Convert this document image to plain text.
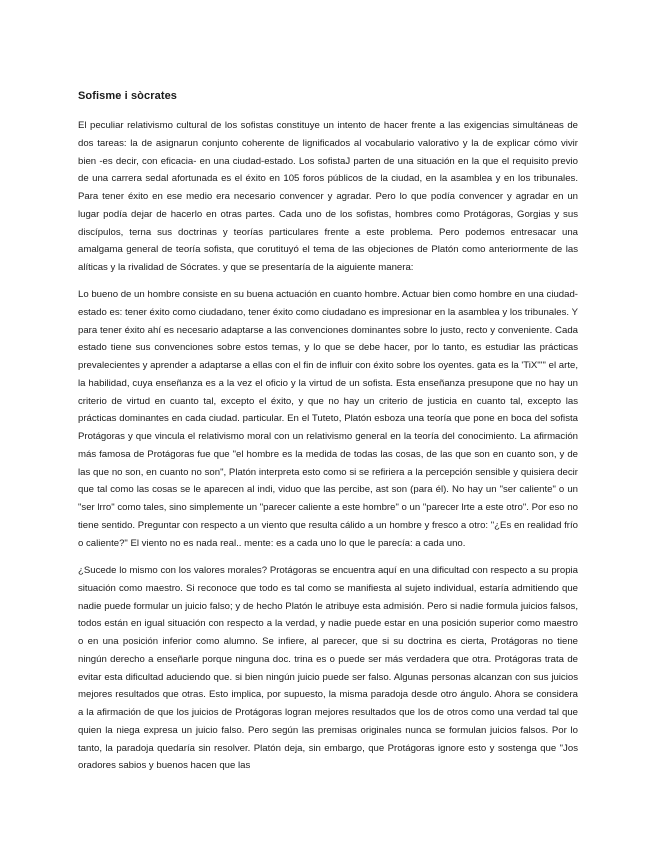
Sofisme i sòcrates

El peculiar relativismo cultural de los sofistas constituye un intento de hacer frente a las exigencias simultáneas de dos tareas: la de asignarun conjunto coherente de lignificados al vocabulario valorativo y la de explicar cómo vivir bien -es decir, con eficacia- en una ciudad-estado. Los sofistaJ parten de una situación en la que el requisito previo de una carrera sedal afortunada es el éxito en 105 foros públicos de la ciudad, en la asamblea y en los tribunales. Para tener éxito en ese medio era necesario convencer y agradar. Pero lo que podía convencer y agradar en un lugar podía dejar de hacerlo en otras partes. Cada uno de los sofistas, hombres como Protágoras, Gorgias y sus discípulos, terna sus doctrinas y teorías particulares frente a este problema. Pero podemos entresacar una amalgama general de teoría sofista, que corutituyó el tema de las objeciones de Platón como anteriormente de las alíticas y la rivalidad de Sócrates. y que se presentaría de la aiguiente manera:

Lo bueno de un hombre consiste en su buena actuación en cuanto hombre. Actuar bien como hombre en una ciudad-estado es: tener éxito como ciudadano, tener éxito como ciudadano es impresionar en la asamblea y los tribunales. Y para tener éxito ahí es necesario adaptarse a las convenciones dominantes sobre lo justo, recto y conveniente. Cada estado tiene sus convenciones sobre estos temas, y lo que se debe hacer, por lo tanto, es estudiar las prácticas prevalecientes y aprender a adaptarse a ellas con el fin de influir con éxito sobre los oyentes. gata es la 'TiX"'" el arte, la habilidad, cuya enseñanza es a la vez el oficio y la virtud de un sofista. Esta enseñanza presupone que no hay un criterio de virtud en cuanto tal, excepto el éxito, y que no hay un criterio de justicia en cuanto tal, excepto las prácticas dominantes en cada ciudad. particular. En el Tuteto, Platón esboza una teoría que pone en boca del sofista Protágoras y que vincula el relativismo moral con un relativismo general en la teoría del conocimiento. La afirmación más famosa de Protágoras fue que "el hombre es la medida de todas las cosas, de las que son en cuanto son, y de las que no son, en cuanto no son", Platón interpreta esto como si se refiriera a la percepción sensible y quisiera decir que tal como las cosas se le aparecen al indi, viduo que las percibe, ast son (para él). No hay un "ser caliente" o un "ser lrro" como tales, sino simplemente un "parecer caliente a este hombre" o un "parecer lrte a este otro". Por eso no tiene sentido. Preguntar con respecto a un viento que resulta cálido a un hombre y fresco a otro: "¿Es en realidad frío o caliente?" El viento no es nada real.. mente: es a cada uno lo que le parecía: a cada uno.

¿Sucede lo mismo con los valores morales? Protágoras se encuentra aquí en una dificultad con respecto a su propia situación como maestro. Si reconoce que todo es tal como se manifiesta al sujeto individual, estaría admitiendo que nadie puede formular un juicio falso; y de hecho Platón le atribuye esta admisión. Pero si nadie formula juicios falsos, todos están en igual situación con respecto a la verdad, y nadie puede estar en una posición superior como maestro o en una posición inferior como alumno. Se infiere, al parecer, que si su doctrina es cierta, Protágoras no tiene ningún derecho a enseñarle porque ninguna doc. trina es o puede ser más verdadera que otra. Protágoras trata de evitar esta dificultad aduciendo que. si bien ningún juicio puede ser falso. Algunas personas alcanzan con sus juicios mejores resultados que otras. Esto implica, por supuesto, la misma paradoja desde otro ángulo. Ahora se considera a la afirmación de que los juicios de Protágoras logran mejores resultados que los de otros como una verdad tal que quien la niega expresa un juicio falso. Pero según las premisas originales nunca se formulan juicios falsos. Por lo tanto, la paradoja quedaría sin resolver. Platón deja, sin embargo, que Protágoras ignore esto y sostenga que "Jos oradores sabios y buenos hacen que las
